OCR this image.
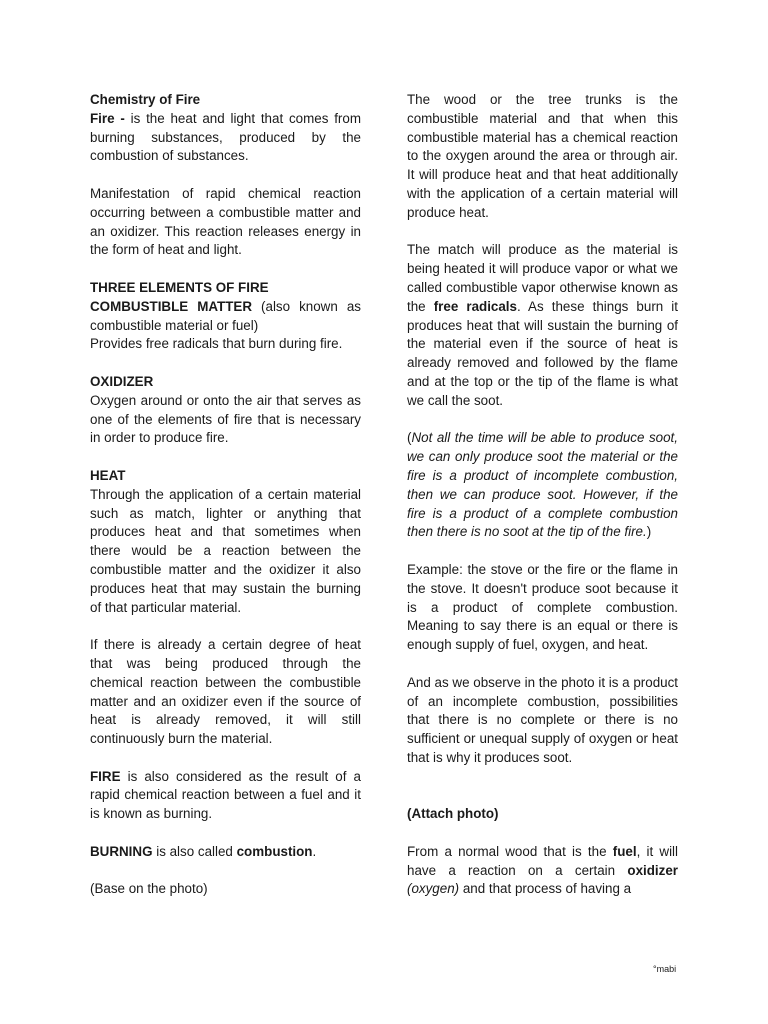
Chemistry of Fire

Fire - is the heat and light that comes from burning substances, produced by the combustion of substances.

Manifestation of rapid chemical reaction occurring between a combustible matter and an oxidizer. This reaction releases energy in the form of heat and light.

THREE ELEMENTS OF FIRE

COMBUSTIBLE MATTER (also known as combustible material or fuel)

Provides free radicals that burn during fire.

OXIDIZER

Oxygen around or onto the air that serves as one of the elements of fire that is necessary in order to produce fire.

HEAT

Through the application of a certain material such as match, lighter or anything that produces heat and that sometimes when there would be a reaction between the combustible matter and the oxidizer it also produces heat that may sustain the burning of that particular material.

If there is already a certain degree of heat that was being produced through the chemical reaction between the combustible matter and an oxidizer even if the source of heat is already removed, it will still continuously burn the material.

FIRE is also considered as the result of a rapid chemical reaction between a fuel and it is known as burning.

BURNING is also called combustion.

(Base on the photo)

The wood or the tree trunks is the combustible material and that when this combustible material has a chemical reaction to the oxygen around the area or through air. It will produce heat and that heat additionally with the application of a certain material will produce heat.

The match will produce as the material is being heated it will produce vapor or what we called combustible vapor otherwise known as the free radicals. As these things burn it produces heat that will sustain the burning of the material even if the source of heat is already removed and followed by the flame and at the top or the tip of the flame is what we call the soot.

(Not all the time will be able to produce soot, we can only produce soot the material or the fire is a product of incomplete combustion, then we can produce soot. However, if the fire is a product of a complete combustion then there is no soot at the tip of the fire.)

Example: the stove or the fire or the flame in the stove. It doesn't produce soot because it is a product of complete combustion. Meaning to say there is an equal or there is enough supply of fuel, oxygen, and heat.

And as we observe in the photo it is a product of an incomplete combustion, possibilities that there is no complete or there is no sufficient or unequal supply of oxygen or heat that is why it produces soot.

(Attach photo)

From a normal wood that is the fuel, it will have a reaction on a certain oxidizer (oxygen) and that process of having a

°mabi
